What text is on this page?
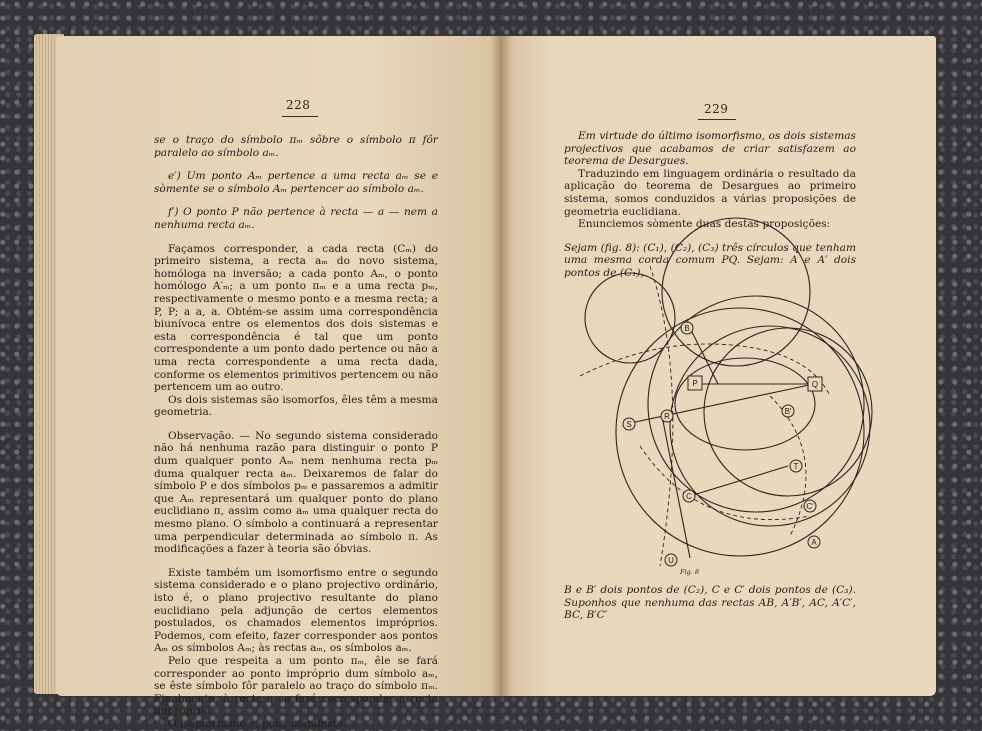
228

se o traço do símbolo πₘ sôbre o símbolo π fôr paralelo ao símbolo aₘ.

e′) Um ponto Aₘ pertence a uma recta aₘ se e sòmente se o símbolo Aₘ pertencer ao símbolo aₘ.

f′) O ponto P não pertence à recta — a — nem a nenhuma recta aₘ.

Façamos corresponder, a cada recta (Cₘ) do primeiro sistema, a recta aₘ do novo sistema, homóloga na inversão; a cada ponto Aₘ, o ponto homólogo A′ₘ; a um ponto πₘ e a uma recta pₘ, respectivamente o mesmo ponto e a mesma recta; a P, P; a a, a. Obtém-se assim uma correspondência biunívoca entre os elementos dos dois sistemas e esta correspondência é tal que um ponto correspondente a um ponto dado pertence ou não a uma recta correspondente a uma recta dada, conforme os elementos primitivos pertencem ou não pertencem um ao outro.

Os dois sistemas são isomorfos, êles têm a mesma geometria.

Observação. — No segundo sistema considerado não há nenhuma razão para distinguir o ponto P dum qualquer ponto Aₘ nem nenhuma recta pₘ duma qualquer recta aₘ. Deixaremos de falar do símbolo P e dos símbolos pₘ e passaremos a admitir que Aₘ representará um qualquer ponto do plano euclidiano π, assim como aₘ uma qualquer recta do mesmo plano. O símbolo a continuará a representar uma perpendicular determinada ao símbolo π. As modificações a fazer à teoria são óbvias.

Existe também um isomorfismo entre o segundo sistema considerado e o plano projectivo ordinário, isto é, o plano projectivo resultante do plano euclidiano pela adjunção de certos elementos postulados, os chamados elementos impróprios. Podemos, com efeito, fazer corresponder aos pontos Aₘ os símbolos Aₘ; às rectas aₘ, os símbolos aₘ.

Pelo que respeita a um ponto πₘ, êle se fará corresponder ao ponto impróprio dum símbolo aₘ, se êste símbolo fôr paralelo ao traço do símbolo πₘ. Finalmente, à recta a se fará corresponder a recta imprópria.

O isomorfismo é, pois, manifesto.

229

Em virtude do último isomorfismo, os dois sistemas projectivos que acabamos de criar satisfazem ao teorema de Desargues.

Traduzindo em linguagem ordinária o resultado da aplicação do teorema de Desargues ao primeiro sistema, somos conduzidos a várias proposições de geometria euclidiana.

Enunciemos sòmente duas destas proposições:

Sejam (fig. 8): (C₁), (C₂), (C₃) três círculos que tenham uma mesma corda comum PQ. Sejam: A e A′ dois pontos de (C₁),

B
P	Q
S
R
B′
T
C
C′
A
U
Fig. 8
B e B′ dois pontos de (C₂), C e C′ dois pontos de (C₃). Suponhos que nenhuma das rectas AB, A′B′, AC, A′C′, BC, B′C′
